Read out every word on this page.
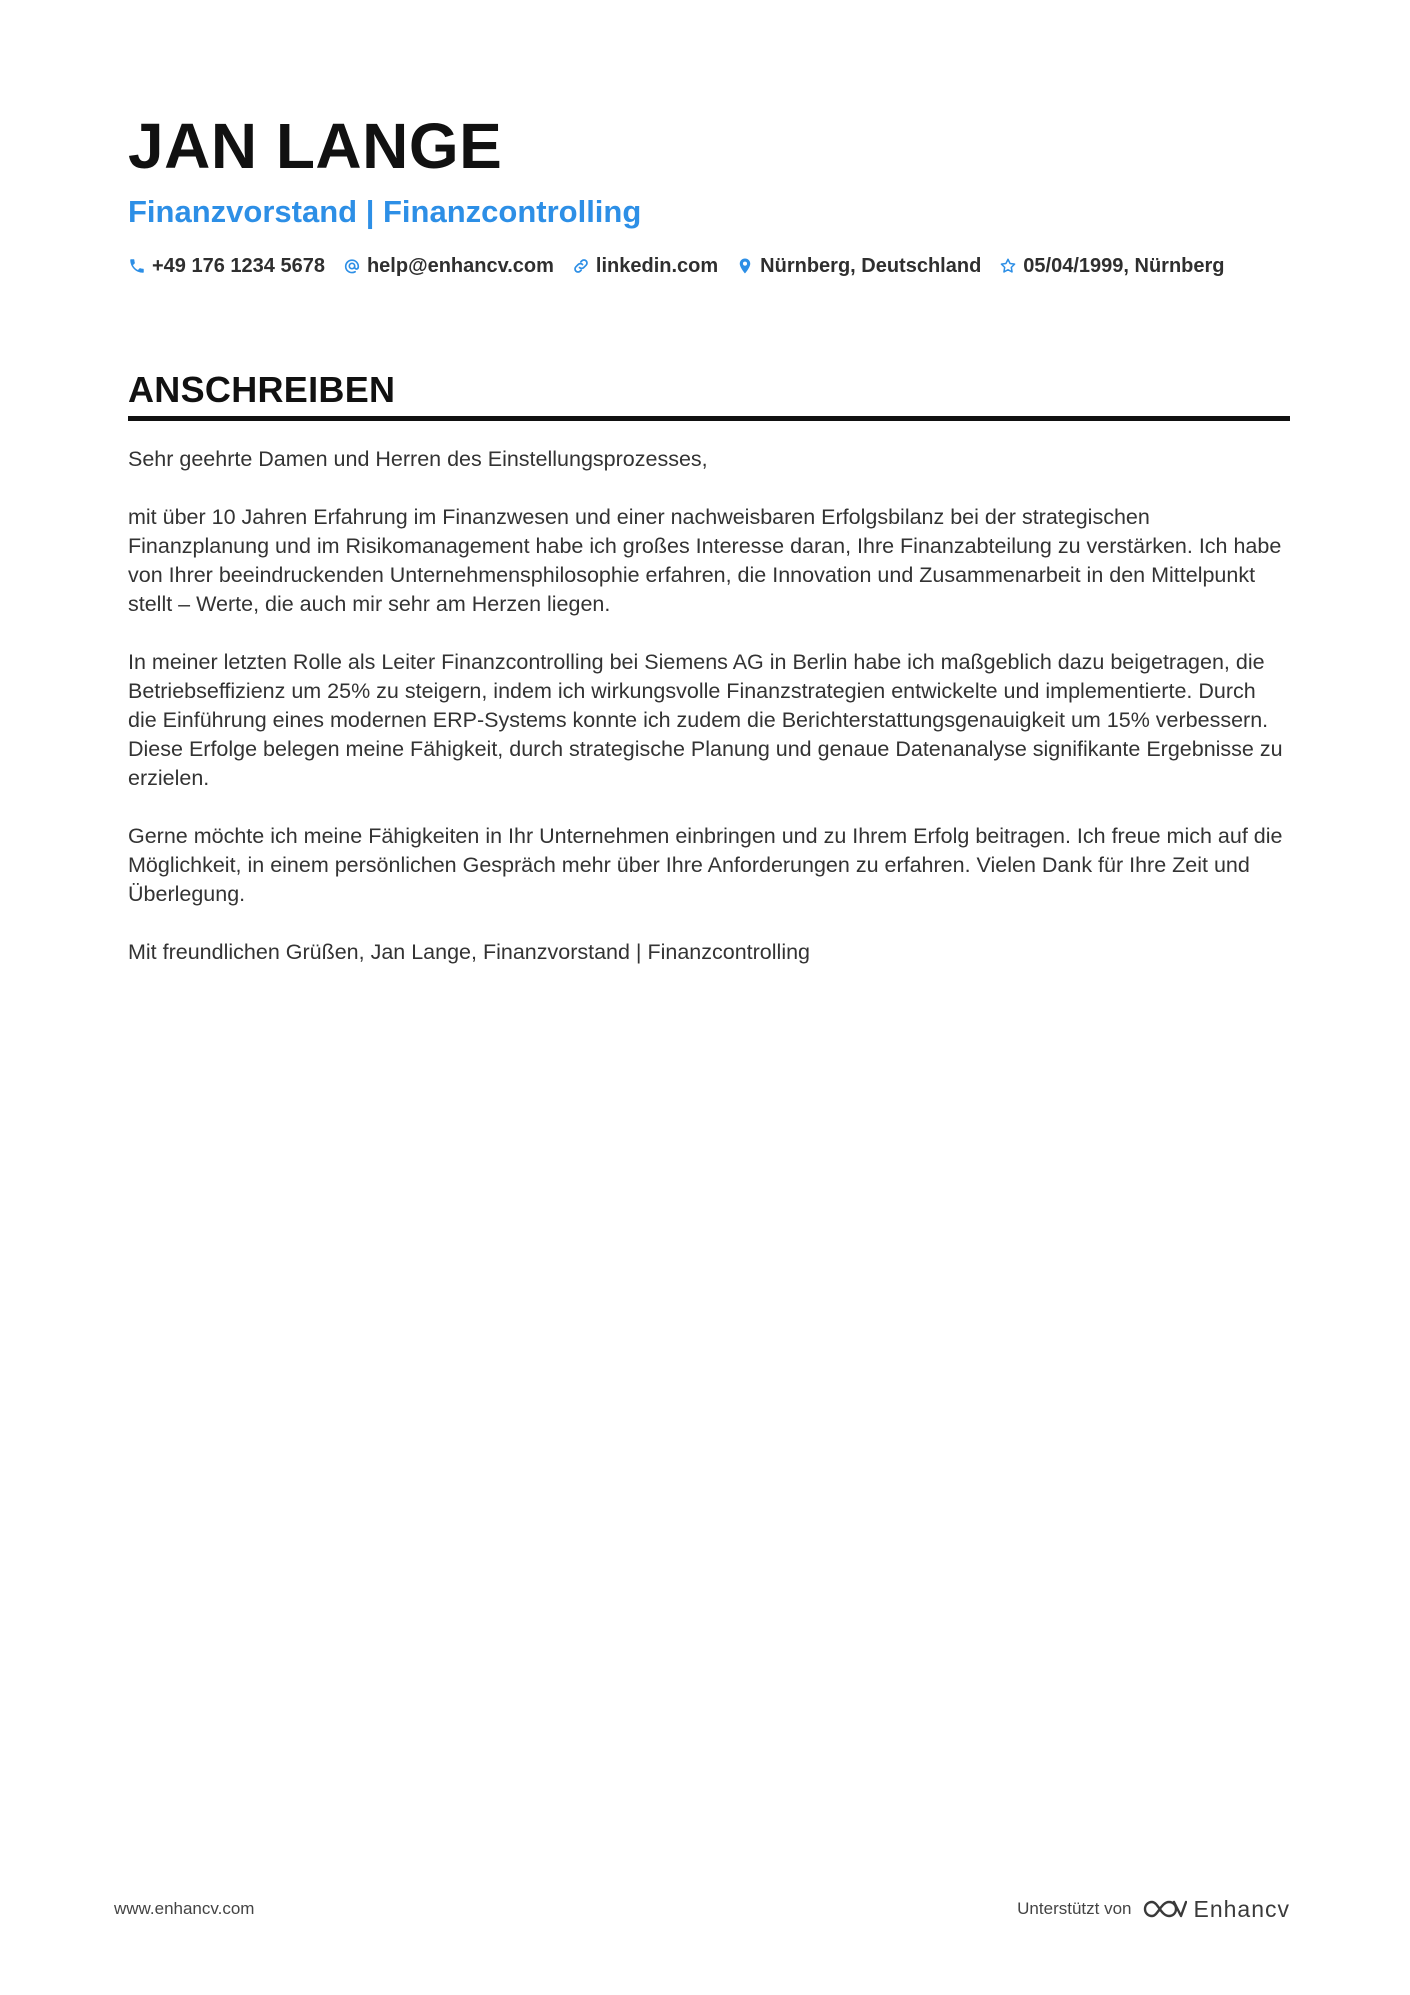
JAN LANGE
Finanzvorstand | Finanzcontrolling
+49 176 1234 5678 help@enhancv.com linkedin.com Nürnberg, Deutschland 05/04/1999, Nürnberg
ANSCHREIBEN

Sehr geehrte Damen und Herren des Einstellungsprozesses,

mit über 10 Jahren Erfahrung im Finanzwesen und einer nachweisbaren Erfolgsbilanz bei der strategischen Finanzplanung und im Risikomanagement habe ich großes Interesse daran, Ihre Finanzabteilung zu verstärken. Ich habe von Ihrer beeindruckenden Unternehmensphilosophie erfahren, die Innovation und Zusammenarbeit in den Mittelpunkt stellt – Werte, die auch mir sehr am Herzen liegen.

In meiner letzten Rolle als Leiter Finanzcontrolling bei Siemens AG in Berlin habe ich maßgeblich dazu beigetragen, die Betriebseffizienz um 25% zu steigern, indem ich wirkungsvolle Finanzstrategien entwickelte und implementierte. Durch die Einführung eines modernen ERP-Systems konnte ich zudem die Berichterstattungsgenauigkeit um 15% verbessern. Diese Erfolge belegen meine Fähigkeit, durch strategische Planung und genaue Datenanalyse signifikante Ergebnisse zu erzielen.

Gerne möchte ich meine Fähigkeiten in Ihr Unternehmen einbringen und zu Ihrem Erfolg beitragen. Ich freue mich auf die Möglichkeit, in einem persönlichen Gespräch mehr über Ihre Anforderungen zu erfahren. Vielen Dank für Ihre Zeit und Überlegung.

Mit freundlichen Grüßen, Jan Lange, Finanzvorstand | Finanzcontrolling

www.enhancv.com	Unterstützt von	Enhancv
